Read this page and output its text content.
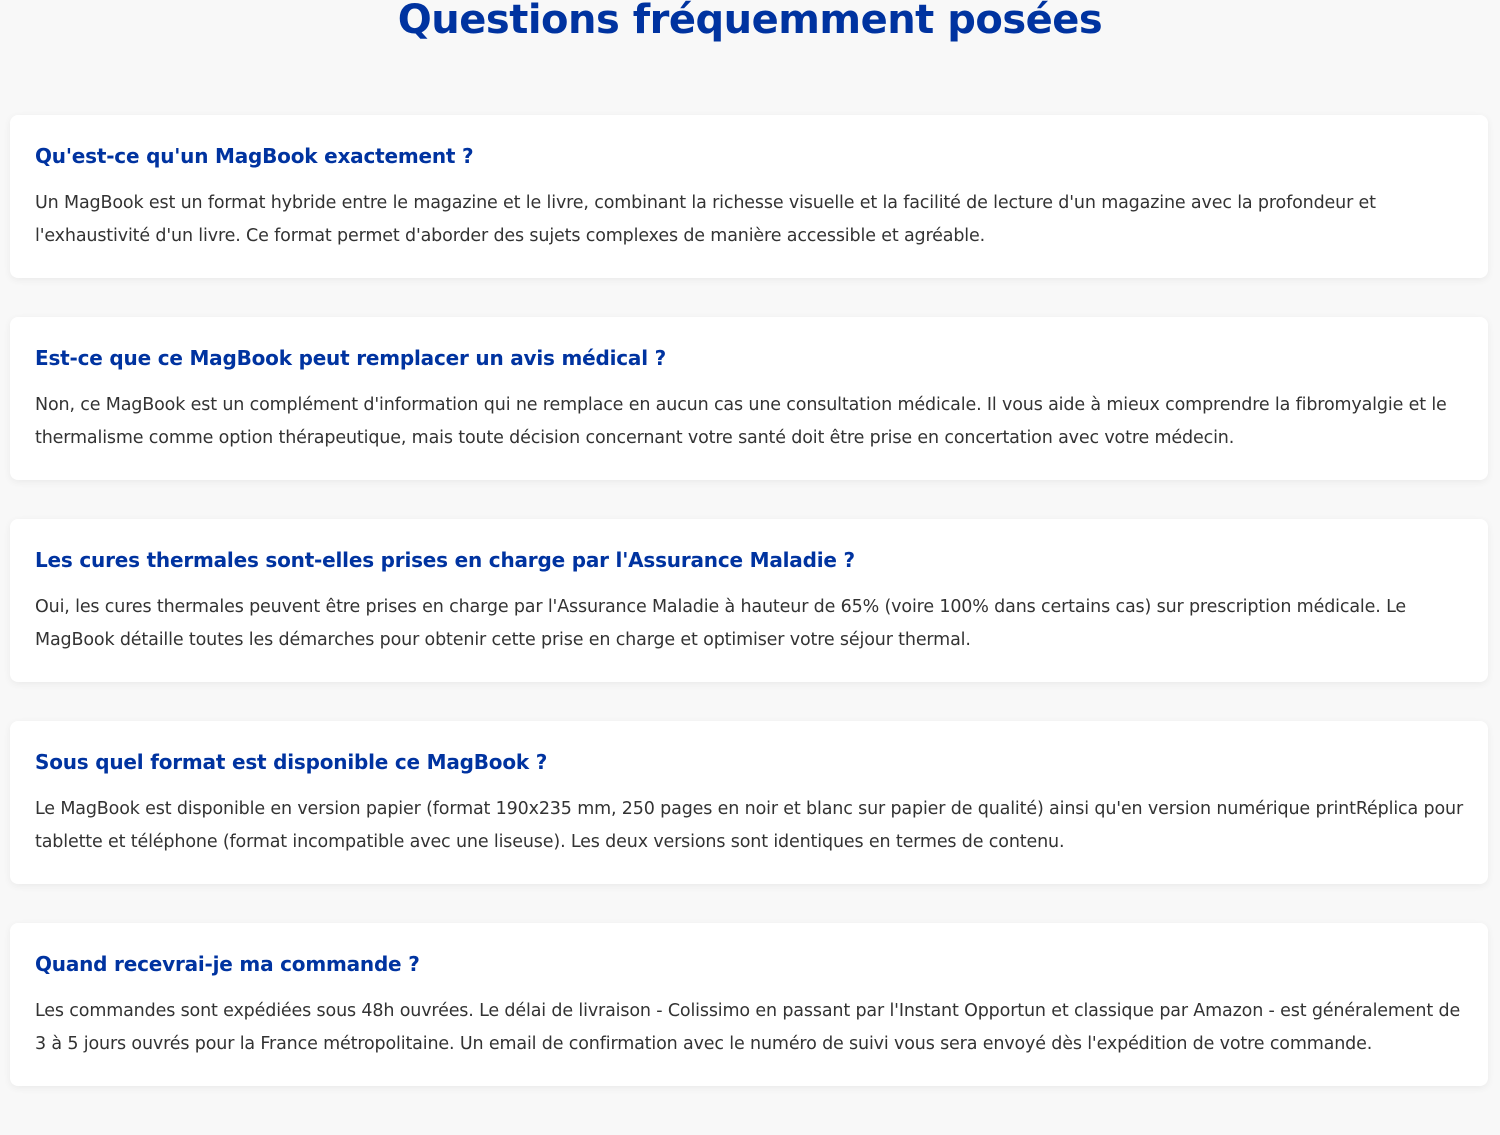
Questions fréquemment posées
Qu'est-ce qu'un MagBook exactement ?

Un MagBook est un format hybride entre le magazine et le livre, combinant la richesse visuelle et la facilité de lecture d'un magazine avec la profondeur et l'exhaustivité d'un livre. Ce format permet d'aborder des sujets complexes de manière accessible et agréable.

Est-ce que ce MagBook peut remplacer un avis médical ?

Non, ce MagBook est un complément d'information qui ne remplace en aucun cas une consultation médicale. Il vous aide à mieux comprendre la fibromyalgie et le thermalisme comme option thérapeutique, mais toute décision concernant votre santé doit être prise en concertation avec votre médecin.

Les cures thermales sont-elles prises en charge par l'Assurance Maladie ?

Oui, les cures thermales peuvent être prises en charge par l'Assurance Maladie à hauteur de 65% (voire 100% dans certains cas) sur prescription médicale. Le MagBook détaille toutes les démarches pour obtenir cette prise en charge et optimiser votre séjour thermal.

Sous quel format est disponible ce MagBook ?

Le MagBook est disponible en version papier (format 190x235 mm, 250 pages en noir et blanc sur papier de qualité) ainsi qu'en version numérique printRéplica pour tablette et téléphone (format incompatible avec une liseuse). Les deux versions sont identiques en termes de contenu.

Quand recevrai-je ma commande ?

Les commandes sont expédiées sous 48h ouvrées. Le délai de livraison - Colissimo en passant par l'Instant Opportun et classique par Amazon - est généralement de 3 à 5 jours ouvrés pour la France métropolitaine. Un email de confirmation avec le numéro de suivi vous sera envoyé dès l'expédition de votre commande.
